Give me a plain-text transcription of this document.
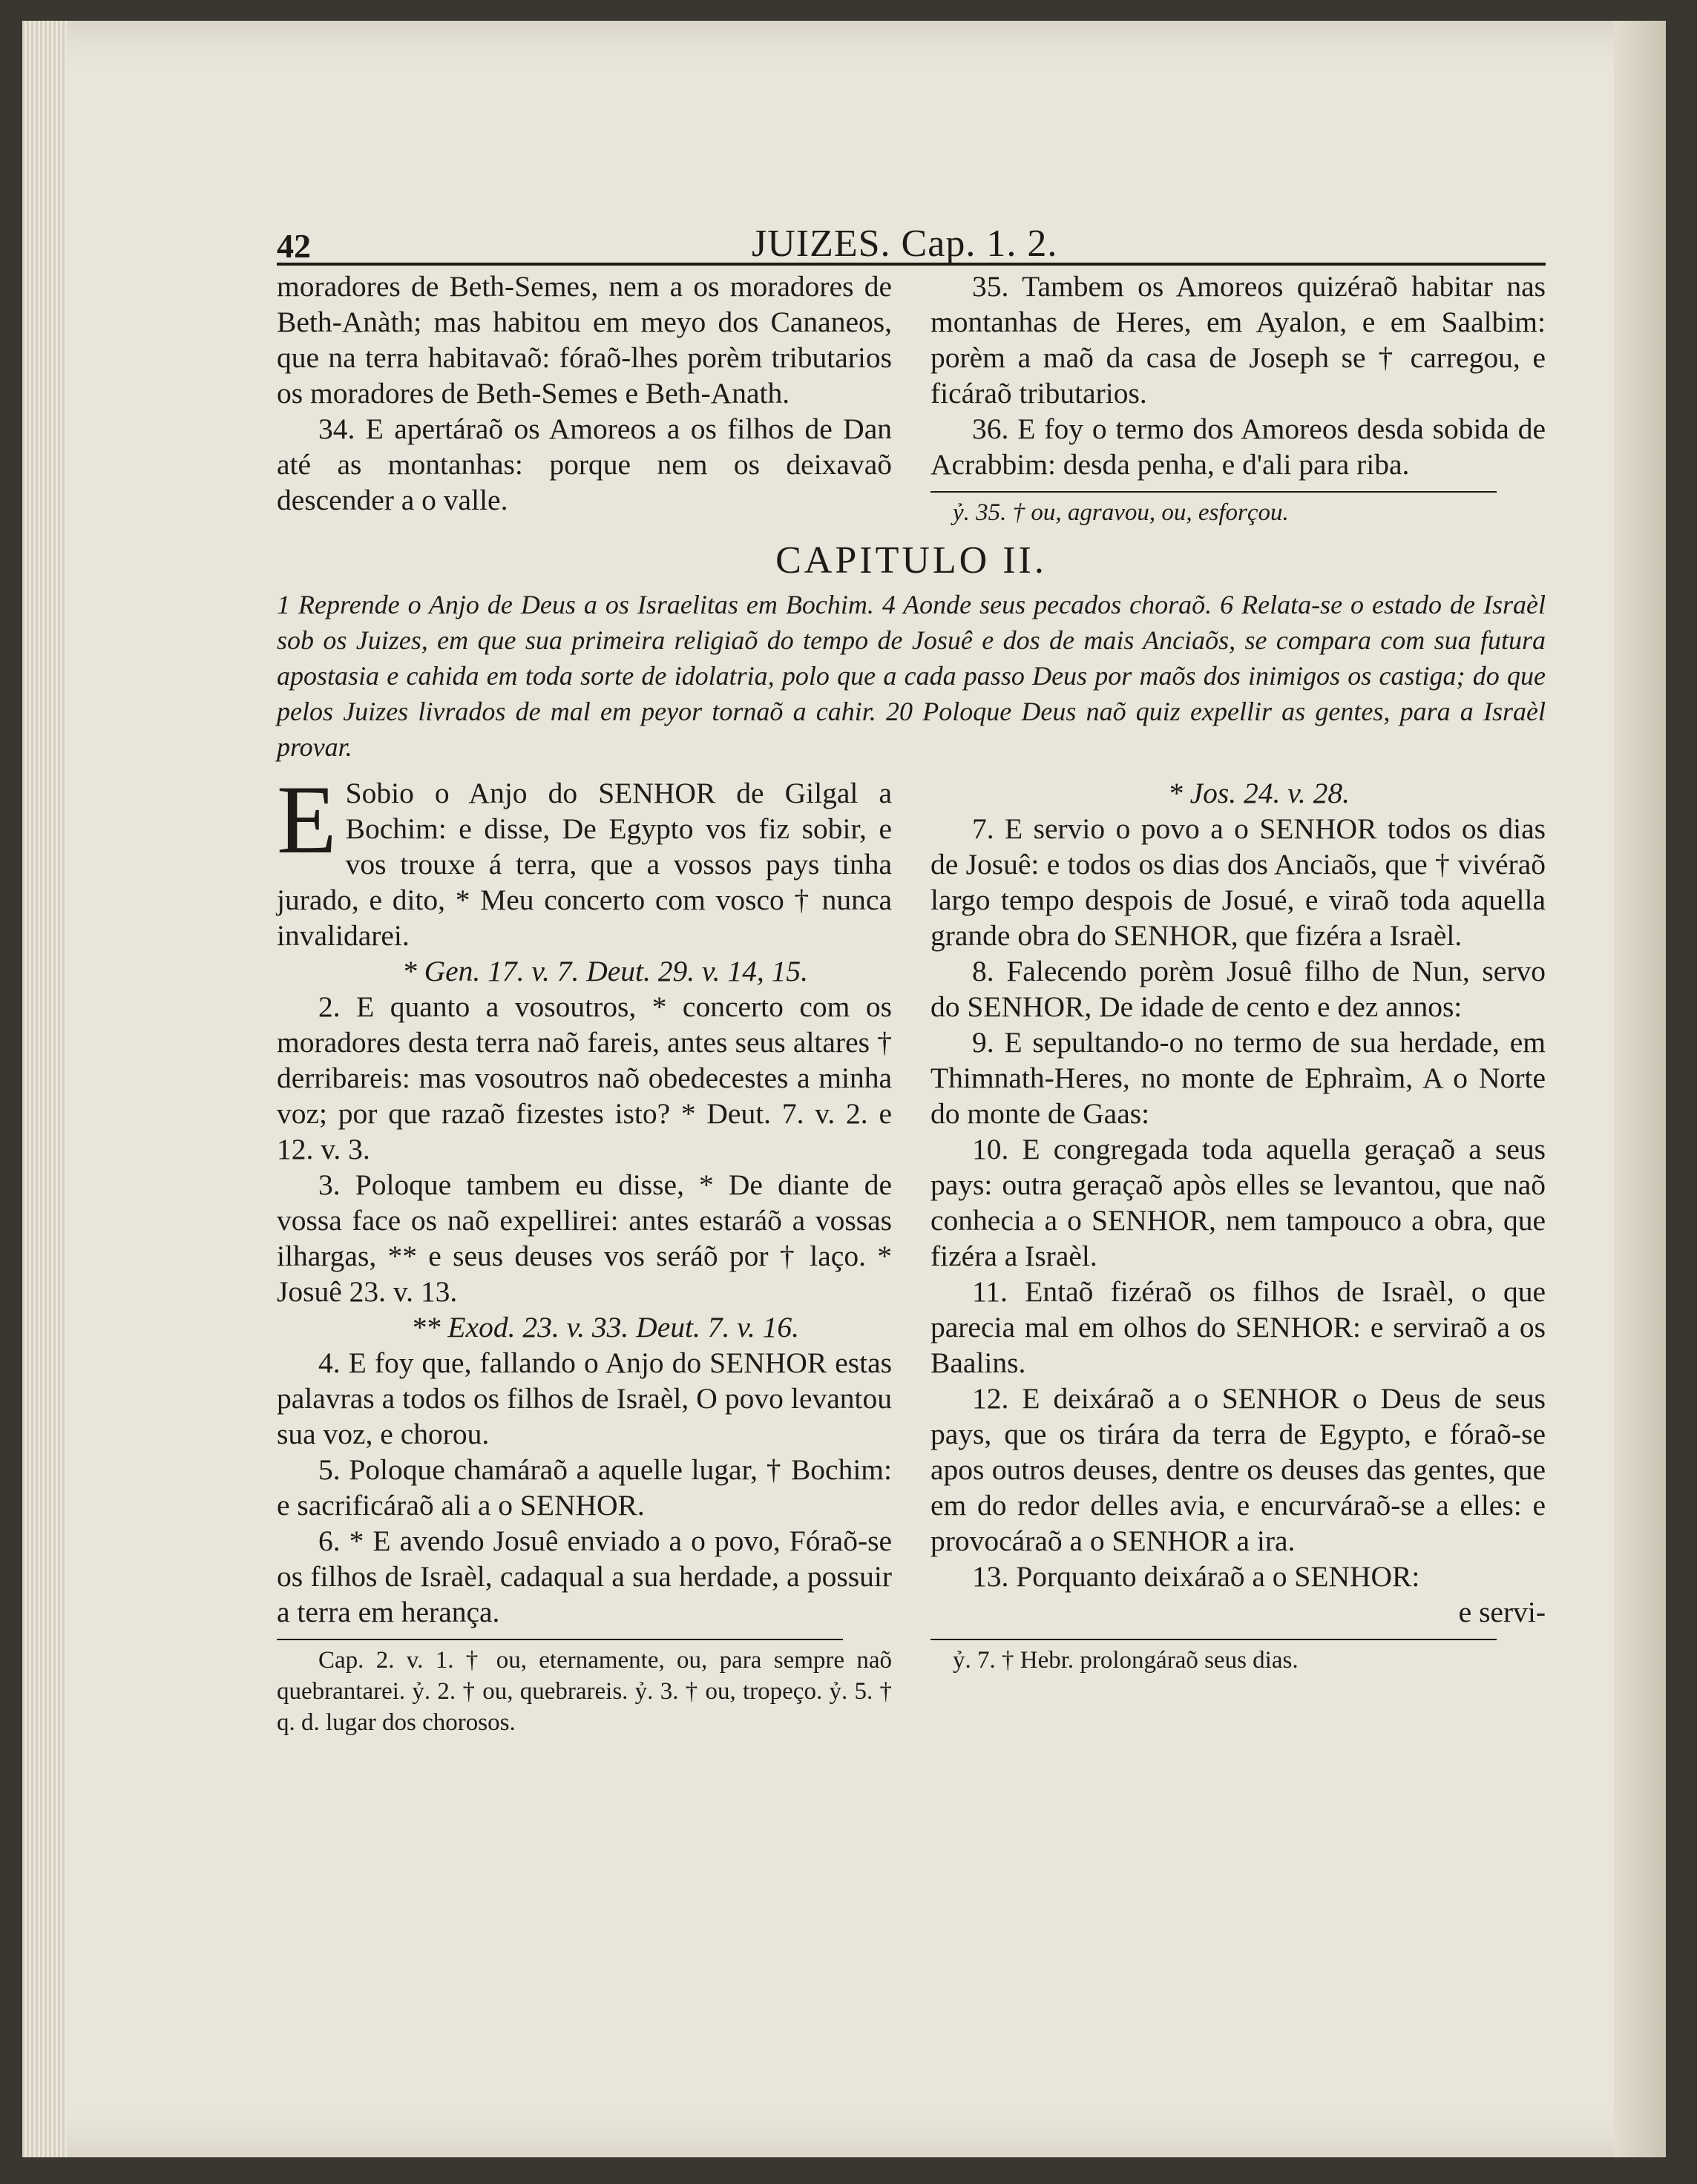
42	JUIZES. Cap. 1. 2.

moradores de Beth-Semes, nem a os moradores de Beth-Anàth; mas habitou em meyo dos Cananeos, que na terra habitavaõ: fóraõ-lhes porèm tributarios os moradores de Beth-Semes e Beth-Anath.

34. E apertáraõ os Amoreos a os filhos de Dan até as montanhas: porque nem os deixavaõ descender a o valle.

35. Tambem os Amoreos quizéraõ habitar nas montanhas de Heres, em Ayalon, e em Saalbim: porèm a maõ da casa de Joseph se † carregou, e ficáraõ tributarios.

36. E foy o termo dos Amoreos desda sobida de Acrabbim: desda penha, e d'ali para riba.

ỷ. 35. † ou, agravou, ou, esforçou.

CAPITULO II.

1 Reprende o Anjo de Deus a os Israelitas em Bochim. 4 Aonde seus pecados choraõ. 6 Relata-se o estado de Israèl sob os Juizes, em que sua primeira religiaõ do tempo de Josuê e dos de mais Anciaõs, se compara com sua futura apostasia e cahida em toda sorte de idolatria, polo que a cada passo Deus por maõs dos inimigos os castiga; do que pelos Juizes livrados de mal em peyor tornaõ a cahir. 20 Poloque Deus naõ quiz expellir as gentes, para a Israèl provar.

E Sobio o Anjo do SENHOR de Gilgal a Bochim: e disse, De Egypto vos fiz sobir, e vos trouxe á terra, que a vossos pays tinha jurado, e dito, * Meu concerto com vosco † nunca invalidarei.

* Gen. 17. v. 7. Deut. 29. v. 14, 15.

2. E quanto a vosoutros, * concerto com os moradores desta terra naõ fareis, antes seus altares † derribareis: mas vosoutros naõ obedecestes a minha voz; por que razaõ fizestes isto? * Deut. 7. v. 2. e 12. v. 3.

3. Poloque tambem eu disse, * De diante de vossa face os naõ expellirei: antes estaráõ a vossas ilhargas, ** e seus deuses vos seráõ por † laço. * Josuê 23. v. 13.

** Exod. 23. v. 33. Deut. 7. v. 16.

4. E foy que, fallando o Anjo do SENHOR estas palavras a todos os filhos de Israèl, O povo levantou sua voz, e chorou.

5. Poloque chamáraõ a aquelle lugar, † Bochim: e sacrificáraõ ali a o SENHOR.

6. * E avendo Josuê enviado a o povo, Fóraõ-se os filhos de Israèl, cadaqual a sua herdade, a possuir a terra em herança.

Cap. 2. v. 1. † ou, eternamente, ou, para sempre naõ quebrantarei. ỷ. 2. † ou, quebrareis. ỷ. 3. † ou, tropeço. ỷ. 5. † q. d. lugar dos chorosos.

* Jos. 24. v. 28.

7. E servio o povo a o SENHOR todos os dias de Josuê: e todos os dias dos Anciaõs, que † vivéraõ largo tempo despois de Josué, e viraõ toda aquella grande obra do SENHOR, que fizéra a Israèl.

8. Falecendo porèm Josuê filho de Nun, servo do SENHOR, De idade de cento e dez annos:

9. E sepultando-o no termo de sua herdade, em Thimnath-Heres, no monte de Ephraìm, A o Norte do monte de Gaas:

10. E congregada toda aquella geraçaõ a seus pays: outra geraçaõ apòs elles se levantou, que naõ conhecia a o SENHOR, nem tampouco a obra, que fizéra a Israèl.

11. Entaõ fizéraõ os filhos de Israèl, o que parecia mal em olhos do SENHOR: e serviraõ a os Baalins.

12. E deixáraõ a o SENHOR o Deus de seus pays, que os tirára da terra de Egypto, e fóraõ-se apos outros deuses, dentre os deuses das gentes, que em do redor delles avia, e encurváraõ-se a elles: e provocáraõ a o SENHOR a ira.

13. Porquanto deixáraõ a o SENHOR:

e servi-

ỷ. 7. † Hebr. prolongáraõ seus dias.
